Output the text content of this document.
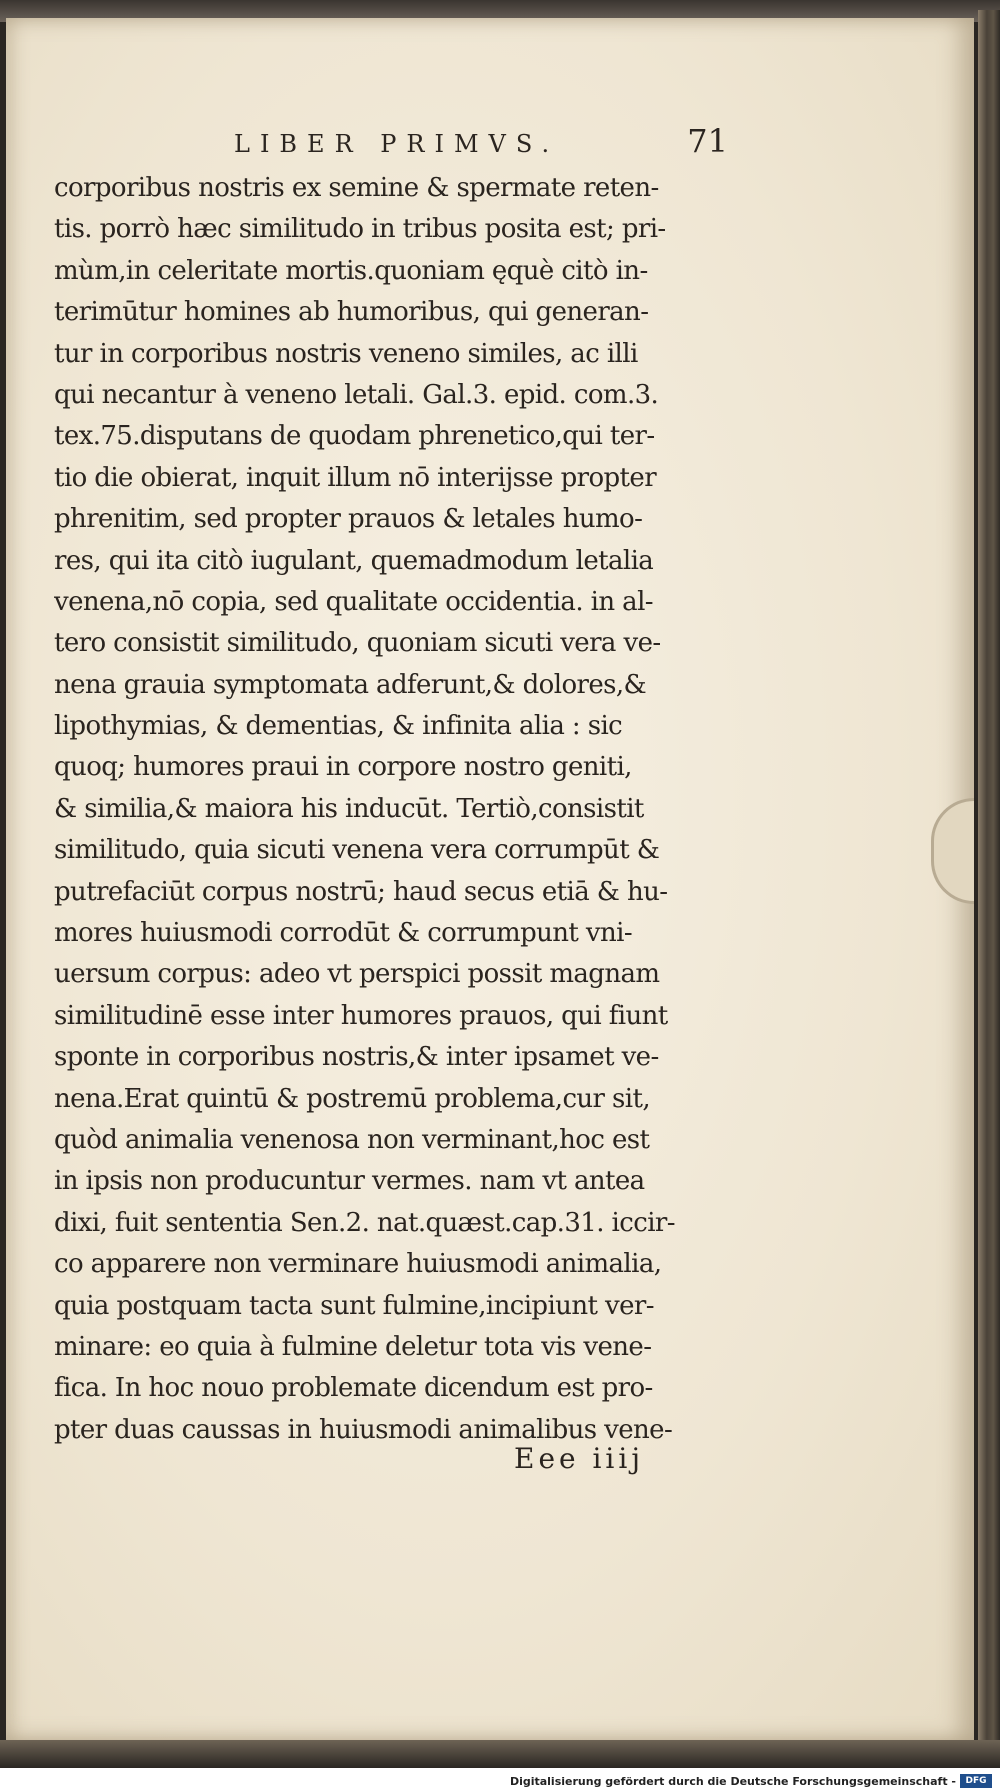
LIBER PRIMVS.	71
corporibus nostris ex semine & spermate reten-
tis. porrò hæc similitudo in tribus posita est; pri-
mùm,in celeritate mortis.quoniam ęquè citò in-
terimūtur homines ab humoribus, qui generan-
tur in corporibus nostris veneno similes, ac illi
qui necantur à veneno letali. Gal.3. epid. com.3.
tex.75.disputans de quodam phrenetico,qui ter-
tio die obierat, inquit illum nō interijsse propter
phrenitim, sed propter prauos & letales humo-
res, qui ita citò iugulant, quemadmodum letalia
venena,nō copia, sed qualitate occidentia. in al-
tero consistit similitudo, quoniam sicuti vera ve-
nena grauia symptomata adferunt,& dolores,&
lipothymias, & dementias, & infinita alia : sic
quoq; humores praui in corpore nostro geniti,
& similia,& maiora his inducūt. Tertiò,consistit
similitudo, quia sicuti venena vera corrumpūt &
putrefaciūt corpus nostrū; haud secus etiā & hu-
mores huiusmodi corrodūt & corrumpunt vni-
uersum corpus: adeo vt perspici possit magnam
similitudinē esse inter humores prauos, qui fiunt
sponte in corporibus nostris,& inter ipsamet ve-
nena.Erat quintū & postremū problema,cur sit,
quòd animalia venenosa non verminant,hoc est
in ipsis non producuntur vermes. nam vt antea
dixi, fuit sententia Sen.2. nat.quæst.cap.31. iccir-
co apparere non verminare huiusmodi animalia,
quia postquam tacta sunt fulmine,incipiunt ver-
minare: eo quia à fulmine deletur tota vis vene-
fica. In hoc nouo problemate dicendum est pro-
pter duas caussas in huiusmodi animalibus vene-
Eee iiij
Digitalisierung gefördert durch die Deutsche Forschungsgemeinschaft -	DFG
